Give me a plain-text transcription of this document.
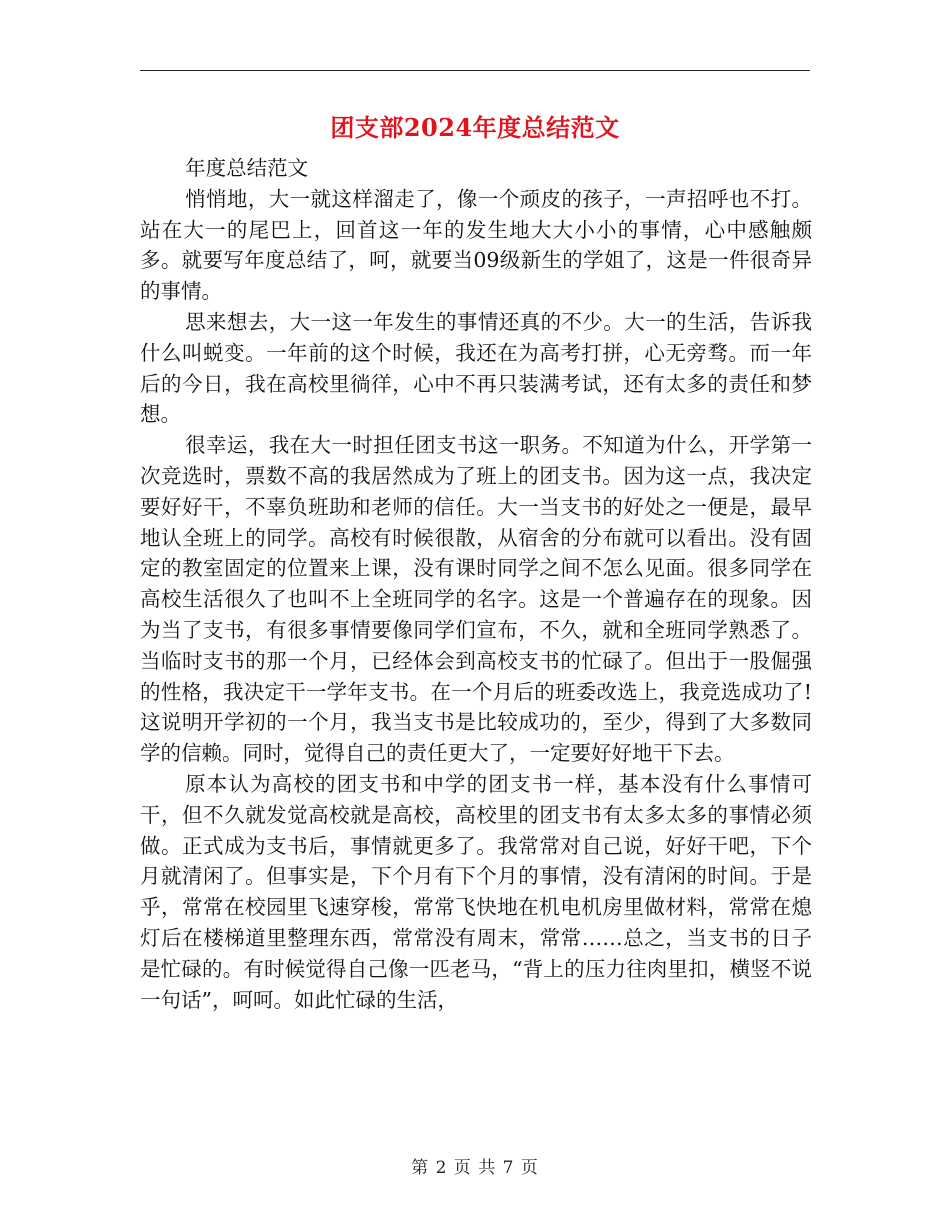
团支部2024年度总结范文

年度总结范文

悄悄地，大一就这样溜走了，像一个顽皮的孩子，一声招呼也不打。站在大一的尾巴上，回首这一年的发生地大大小小的事情，心中感触颇多。就要写年度总结了，呵，就要当09级新生的学姐了，这是一件很奇异的事情。

思来想去，大一这一年发生的事情还真的不少。大一的生活，告诉我什么叫蜕变。一年前的这个时候，我还在为高考打拼，心无旁骛。而一年后的今日，我在高校里徜徉，心中不再只装满考试，还有太多的责任和梦想。

很幸运，我在大一时担任团支书这一职务。不知道为什么，开学第一次竞选时，票数不高的我居然成为了班上的团支书。因为这一点，我决定要好好干，不辜负班助和老师的信任。大一当支书的好处之一便是，最早地认全班上的同学。高校有时候很散，从宿舍的分布就可以看出。没有固定的教室固定的位置来上课，没有课时同学之间不怎么见面。很多同学在高校生活很久了也叫不上全班同学的名字。这是一个普遍存在的现象。因为当了支书，有很多事情要像同学们宣布，不久，就和全班同学熟悉了。当临时支书的那一个月，已经体会到高校支书的忙碌了。但出于一股倔强的性格，我决定干一学年支书。在一个月后的班委改选上，我竞选成功了!这说明开学初的一个月，我当支书是比较成功的，至少，得到了大多数同学的信赖。同时，觉得自己的责任更大了，一定要好好地干下去。

原本认为高校的团支书和中学的团支书一样，基本没有什么事情可干，但不久就发觉高校就是高校，高校里的团支书有太多太多的事情必须做。正式成为支书后，事情就更多了。我常常对自己说，好好干吧，下个月就清闲了。但事实是，下个月有下个月的事情，没有清闲的时间。于是乎，常常在校园里飞速穿梭，常常飞快地在机电机房里做材料，常常在熄灯后在楼梯道里整理东西，常常没有周末，常常……总之，当支书的日子是忙碌的。有时候觉得自己像一匹老马，“背上的压力往肉里扣，横竖不说一句话”，呵呵。如此忙碌的生活，

第 2 页 共 7 页
